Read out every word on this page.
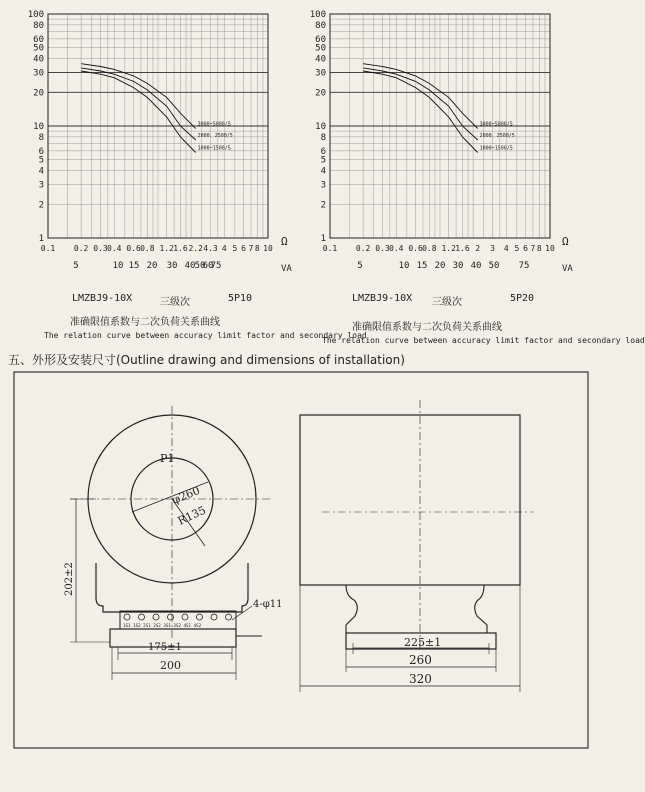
100
80
60
50
40
30
20
10
8
6
5
4
3
2
1
0.1 0.2 0.3 0.4 0.6 0.8 1.2 1.6 2.2 4.3 4 5 6 7 8 10
5	10 15 20 30 40 50
60
75
3000~5000/5
2000、2500/5
1000~1500/5
Ω
VA
LMZBJ9-10X	三级次	5P10
准确限值系数与二次负荷关系曲线
The relation curve between accuracy limit factor and secondary load
100
80
60
50
40
30
20
10
8
6
5
4
3
2
1
0.1 0.2 0.3 0.4 0.6 0.8 1.2 1.6 2 3 4 5 6 7 8 10
5	10 15 20 30 40 50 75
3000~5000/5
2000、2500/5
1000~1500/5
Ω
VA
LMZBJ9-10X 三级次	5P20
准确限值系数与二次负荷关系曲线
The relation curve between accuracy limit factor and secondary load
五、外形及安装尺寸(Outline drawing and dimensions of installation)
P1
φ260
R135
202±2
4-φ11
175±1
200
1S1 1S2 2S1 2S2 3S1 3S2 4S1 4S2
225±1
260
320
